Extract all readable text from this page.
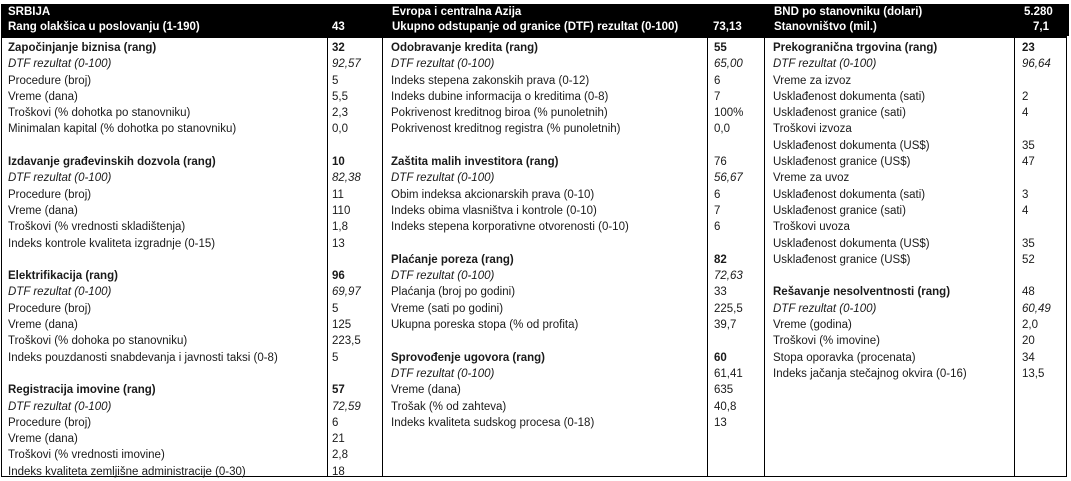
SRBIJA
Rang olakšica u poslovanju (1-190)	43
Evropa i centralna Azija
Ukupno odstupanje od granice (DTF) rezultat (0-100)	73,13
BND po stanovniku (dolari)	5.280
Stanovništvo (mil.)	7,1
Započinjanje biznisa (rang)	32
DTF rezultat (0-100)	92,57
Procedure (broj)	5
Vreme (dana)	5,5
Troškovi (% dohotka po stanovniku)	2,3
Minimalan kapital (% dohotka po stanovniku)	0,0
Izdavanje građevinskih dozvola (rang)	10
DTF rezultat (0-100)	82,38
Procedure (broj)	11
Vreme (dana)	110
Troškovi (% vrednosti skladištenja)	1,8
Indeks kontrole kvaliteta izgradnje (0-15)	13
Elektrifikacija (rang)	96
DTF rezultat (0-100)	69,97
Procedure (broj)	5
Vreme (dana)	125
Troškovi (% dohoka po stanovniku)	223,5
Indeks pouzdanosti snabdevanja i javnosti taksi (0-8)	5
Registracija imovine (rang)	57
DTF rezultat (0-100)	72,59
Procedure (broj)	6
Vreme (dana)	21
Troškovi (% vrednosti imovine)	2,8
Indeks kvaliteta zemljišne administracije (0-30)	18
Odobravanje kredita (rang)	55
DTF rezultat (0-100)	65,00
Indeks stepena zakonskih prava (0-12)	6
Indeks dubine informacija o kreditima (0-8)	7
Pokrivenost kreditnog biroa (% punoletnih)	100%
Pokrivenost kreditnog registra (% punoletnih)	0,0
Zaštita malih investitora (rang)	76
DTF rezultat (0-100)	56,67
Obim indeksa akcionarskih prava (0-10)	6
Indeks obima vlasništva i kontrole (0-10)	7
Indeks stepena korporativne otvorenosti (0-10)	6
Plaćanje poreza (rang)	82
DTF rezultat (0-100)	72,63
Plaćanja (broj po godini)	33
Vreme (sati po godini)	225,5
Ukupna poreska stopa (% od profita)	39,7
Sprovođenje ugovora (rang)	60
DTF rezultat (0-100)	61,41
Vreme (dana)	635
Trošak (% od zahteva)	40,8
Indeks kvaliteta sudskog procesa (0-18)	13
Prekogranična trgovina (rang)	23
DTF rezultat (0-100)	96,64
Vreme za izvoz
Usklađenost dokumenta (sati)	2
Usklađenost granice (sati)	4
Troškovi izvoza
Usklađenost dokumenta (US$)	35
Usklađenost granice (US$)	47
Vreme za uvoz
Usklađenost dokumenta (sati)	3
Usklađenost granice (sati)	4
Troškovi uvoza
Usklađenost dokumenta (US$)	35
Usklađenost granice (US$)	52
Rešavanje nesolventnosti (rang)	48
DTF rezultat (0-100)	60,49
Vreme (godina)	2,0
Troškovi (% imovine)	20
Stopa oporavka (procenata)	34
Indeks jačanja stečajnog okvira (0-16)	13,5
